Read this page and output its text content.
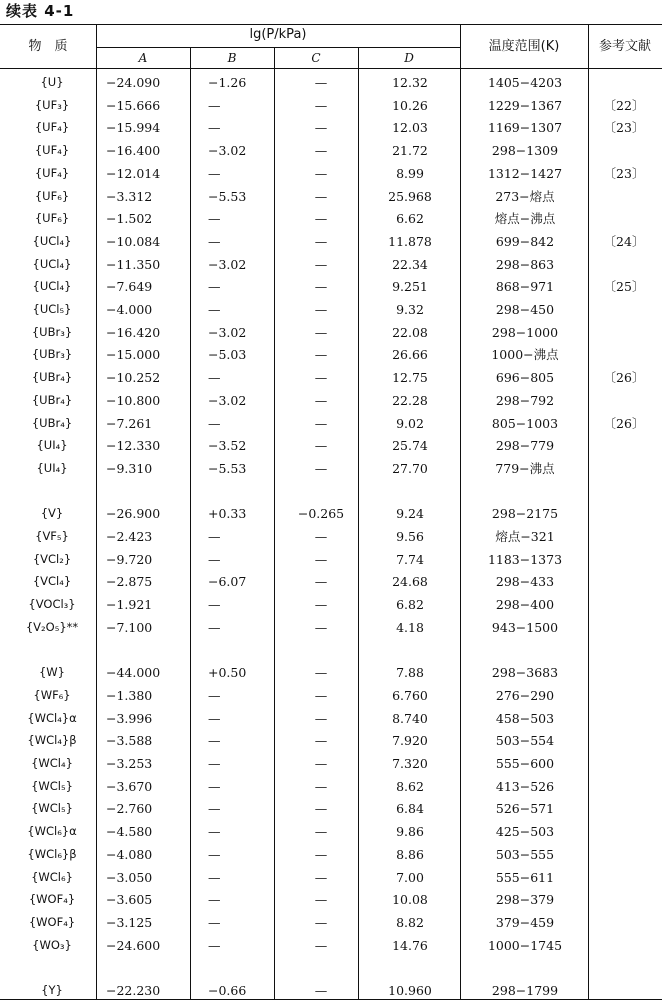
续表 4-1
物　质
lg(P/kPa)
A	B	C	D
温度范围(K)	参考文献
{U}	−24.090	−1.26	—	12.32	1405−4203
{UF₃}	−15.666	—	—	10.26	1229−1367	〔22〕
{UF₄}	−15.994	—	—	12.03	1169−1307	〔23〕
{UF₄}	−16.400	−3.02	—	21.72	298−1309
{UF₄}	−12.014	—	—	8.99	1312−1427	〔23〕
{UF₆}	−3.312	−5.53	—	25.968	273−熔点
{UF₆}	−1.502	—	—	6.62	熔点−沸点
{UCl₄}	−10.084	—	—	11.878	699−842	〔24〕
{UCl₄}	−11.350	−3.02	—	22.34	298−863
{UCl₄}	−7.649	—	—	9.251	868−971	〔25〕
{UCl₅}	−4.000	—	—	9.32	298−450
{UBr₃}	−16.420	−3.02	—	22.08	298−1000
{UBr₃}	−15.000	−5.03	—	26.66	1000−沸点
{UBr₄}	−10.252	—	—	12.75	696−805	〔26〕
{UBr₄}	−10.800	−3.02	—	22.28	298−792
{UBr₄}	−7.261	—	—	9.02	805−1003	〔26〕
{UI₄}	−12.330	−3.52	—	25.74	298−779
{UI₄}	−9.310	−5.53	—	27.70	779−沸点
{V}	−26.900	+0.33	−0.265	9.24	298−2175
{VF₅}	−2.423	—	—	9.56	熔点−321
{VCl₂}	−9.720	—	—	7.74	1183−1373
{VCl₄}	−2.875	−6.07	—	24.68	298−433
{VOCl₃}	−1.921	—	—	6.82	298−400
{V₂O₅}**	−7.100	—	—	4.18	943−1500
{W}	−44.000	+0.50	—	7.88	298−3683
{WF₆}	−1.380	—	—	6.760	276−290
{WCl₄}α	−3.996	—	—	8.740	458−503
{WCl₄}β	−3.588	—	—	7.920	503−554
{WCl₄}	−3.253	—	—	7.320	555−600
{WCl₅}	−3.670	—	—	8.62	413−526
{WCl₅}	−2.760	—	—	6.84	526−571
{WCl₆}α	−4.580	—	—	9.86	425−503
{WCl₆}β	−4.080	—	—	8.86	503−555
{WCl₆}	−3.050	—	—	7.00	555−611
{WOF₄}	−3.605	—	—	10.08	298−379
{WOF₄}	−3.125	—	—	8.82	379−459
{WO₃}	−24.600	—	—	14.76	1000−1745
{Y}	−22.230	−0.66	—	10.960	298−1799
